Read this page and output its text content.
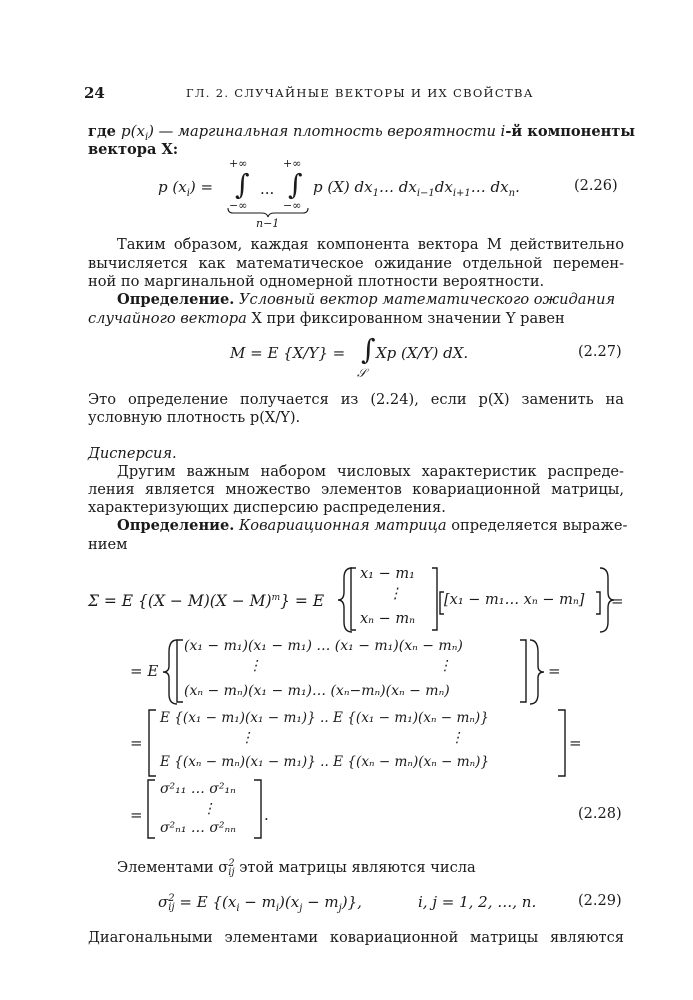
24	ГЛ. 2. СЛУЧАЙНЫЕ ВЕКТОРЫ И ИХ СВОЙСТВА
где $p(x_i)$ — маргинальная плотность вероятности i-й компоненты
вектора X:
p $(x_i)$ =
+∞	+∞
∫ ... ∫
−∞	−∞
n−1
p (X) $dx_1\dots$ $dx_{i-1}dx_{i+1}\dots$ $dx_n$.	(2.26)
Таким образом, каждая компонента вектора M действительно
вычисляется как математическое ожидание отдельной перемен-
ной по маргинальной одномерной плотности вероятности.
Определение. Условный вектор математического ожидания
случайного вектора X при фиксированном значении Y равен
M = E {X/Y} = ∫
𝒮
Xp (X/Y) dX.	(2.27)
Это определение получается из (2.24), если p(X) заменить на
условную плотность p(X/Y).
Дисперсия.
Другим важным набором числовых характеристик распреде-
ления является множество элементов ковариационной матрицы,
характеризующих дисперсию распределения.
Определение. Ковариационная матрица определяется выраже-
нием
Σ = E $\{(X - M)(X - M)^т\} = E$
x₁ − m₁
⋮
xₙ − mₙ
[x₁ − m₁… xₙ − mₙ] =
= E
(x₁ − m₁)(x₁ − m₁) … (x₁ − m₁)(xₙ − mₙ)
⋮	⋮
(xₙ − mₙ)(x₁ − m₁)… (xₙ−mₙ)(xₙ − mₙ)
=
=
E {(x₁ − m₁)(x₁ − m₁)} .. E {(x₁ − m₁)(xₙ − mₙ)}
⋮	⋮
E {(xₙ − mₙ)(x₁ − m₁)} .. E {(xₙ − mₙ)(xₙ − mₙ)}
=
=
σ²₁₁ … σ²₁ₙ
⋮
σ²ₙ₁ … σ²ₙₙ
.	(2.28)
Элементами σ 2
ij этой матрицы являются числа
σ 2
ij = E $\{(x_i - m_i)(x_j - m_j)\}$,	i, j = 1, 2, …, n.	(2.29)
Диагональными элементами ковариационной матрицы являются
